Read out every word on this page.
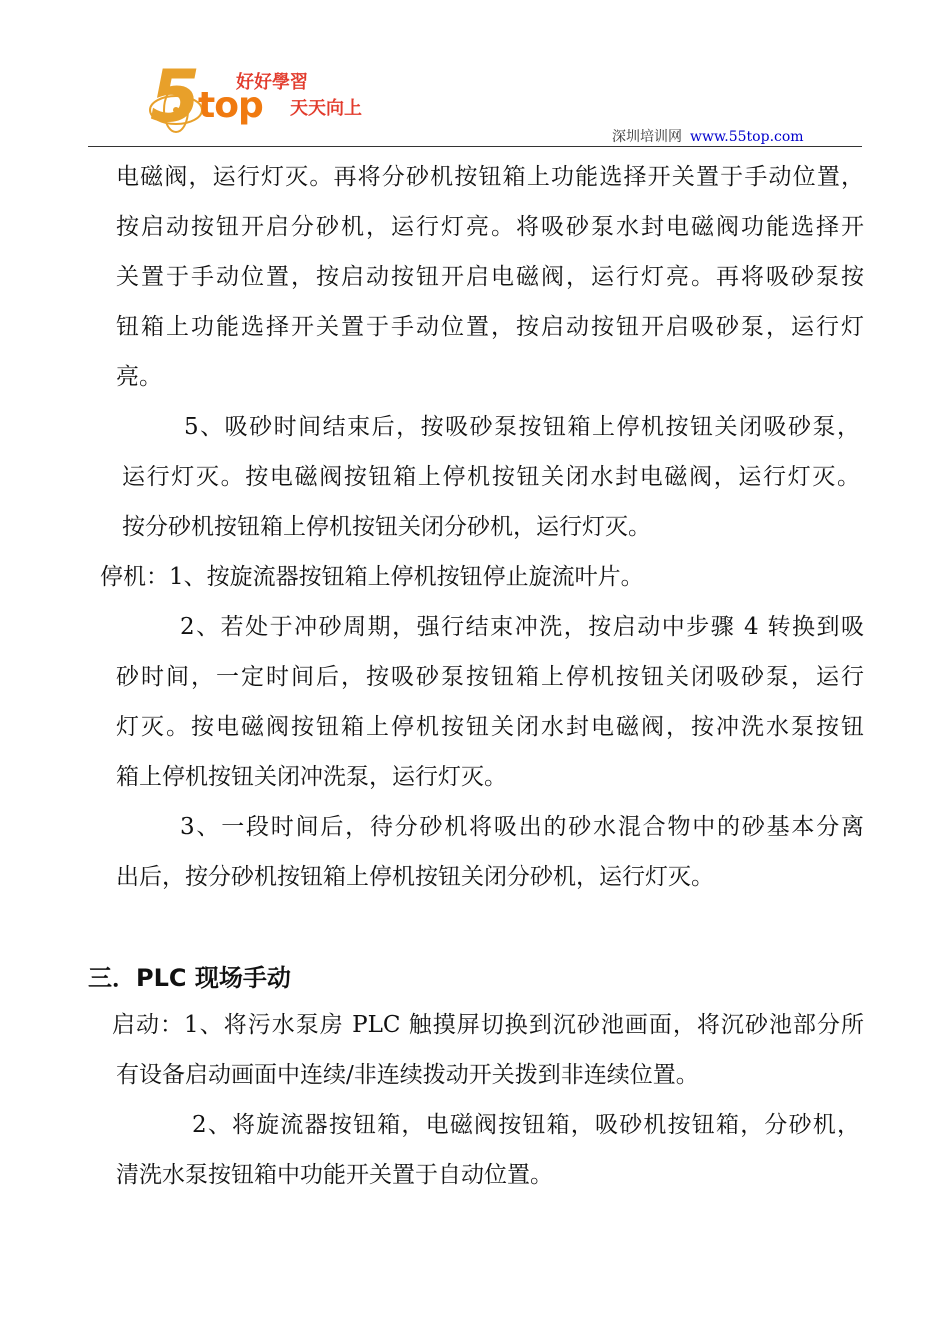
5
top
好好學習
天天向上
深圳培训网 www.55top.com
电磁阀，运行灯灭。再将分砂机按钮箱上功能选择开关置于手动位置，
按启动按钮开启分砂机，运行灯亮。将吸砂泵水封电磁阀功能选择开
关置于手动位置，按启动按钮开启电磁阀，运行灯亮。再将吸砂泵按
钮箱上功能选择开关置于手动位置，按启动按钮开启吸砂泵，运行灯
亮。
5、吸砂时间结束后，按吸砂泵按钮箱上停机按钮关闭吸砂泵，
运行灯灭。按电磁阀按钮箱上停机按钮关闭水封电磁阀，运行灯灭。
按分砂机按钮箱上停机按钮关闭分砂机，运行灯灭。
停机：1、按旋流器按钮箱上停机按钮停止旋流叶片。
2、若处于冲砂周期，强行结束冲洗，按启动中步骤 4 转换到吸
砂时间，一定时间后，按吸砂泵按钮箱上停机按钮关闭吸砂泵，运行
灯灭。按电磁阀按钮箱上停机按钮关闭水封电磁阀，按冲洗水泵按钮
箱上停机按钮关闭冲洗泵，运行灯灭。
3、一段时间后，待分砂机将吸出的砂水混合物中的砂基本分离
出后，按分砂机按钮箱上停机按钮关闭分砂机，运行灯灭。
三．PLC 现场手动
启动：1、将污水泵房 PLC 触摸屏切换到沉砂池画面，将沉砂池部分所
有设备启动画面中连续/非连续拨动开关拨到非连续位置。
2、将旋流器按钮箱，电磁阀按钮箱，吸砂机按钮箱，分砂机，
清洗水泵按钮箱中功能开关置于自动位置。
